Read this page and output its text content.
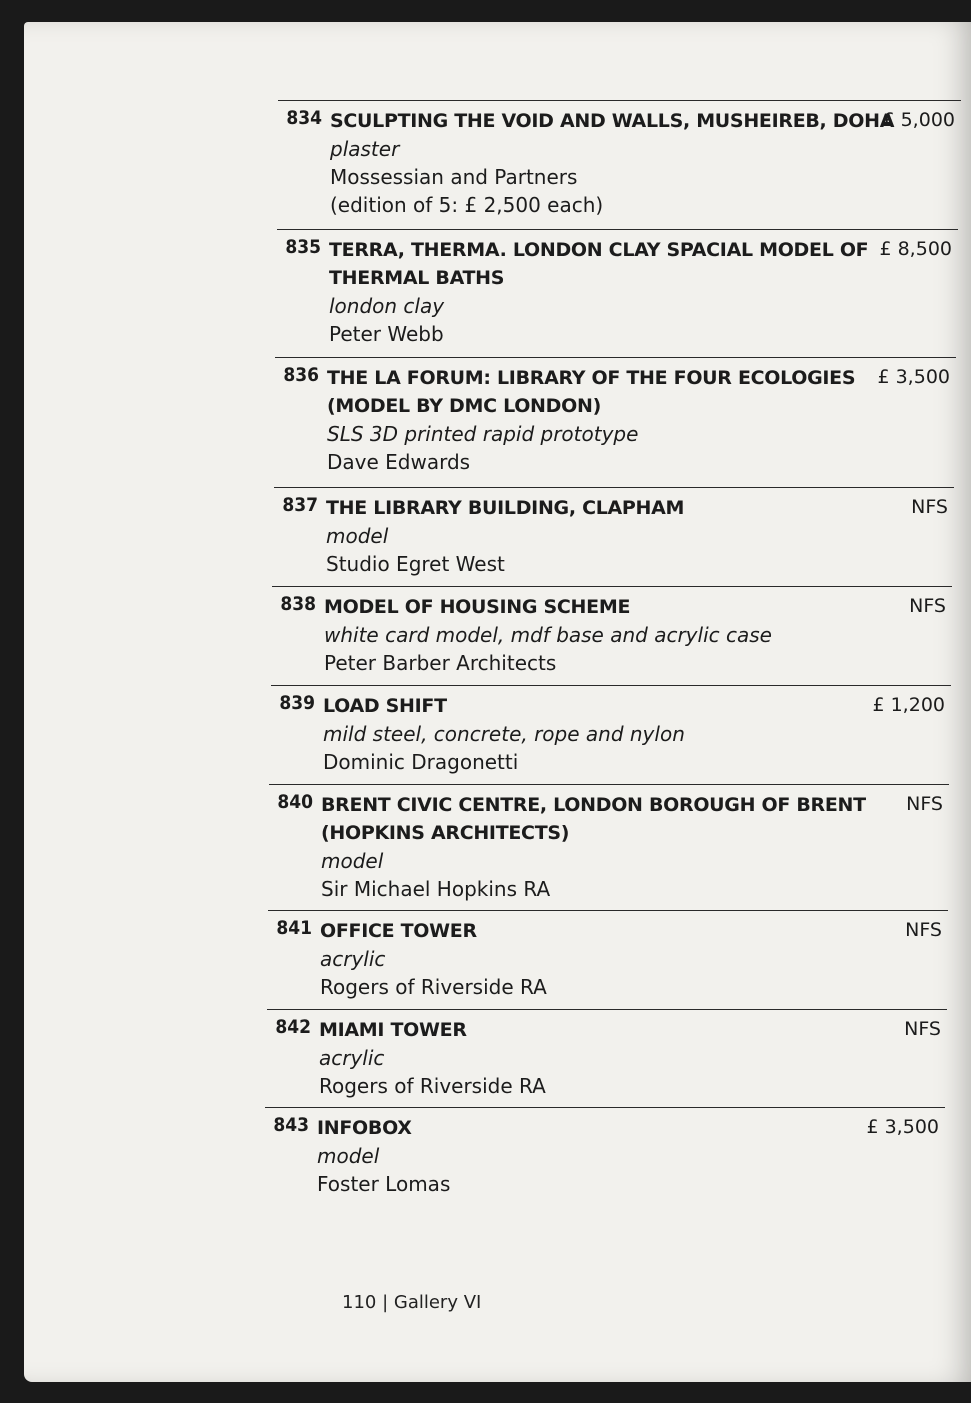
834 SCULPTING THE VOID AND WALLS, MUSHEIREB, DOHA
plaster
Mossessian and Partners
(edition of 5: £ 2,500 each)
£ 5,000
835 TERRA, THERMA. LONDON CLAY SPACIAL MODEL OF
THERMAL BATHS
london clay
Peter Webb
£ 8,500
836 THE LA FORUM: LIBRARY OF THE FOUR ECOLOGIES
(MODEL BY DMC LONDON)
SLS 3D printed rapid prototype
Dave Edwards
£ 3,500
837 THE LIBRARY BUILDING, CLAPHAM
model
Studio Egret West
NFS
838 MODEL OF HOUSING SCHEME
white card model, mdf base and acrylic case
Peter Barber Architects
NFS
839 LOAD SHIFT
mild steel, concrete, rope and nylon
Dominic Dragonetti
£ 1,200
840 BRENT CIVIC CENTRE, LONDON BOROUGH OF BRENT
(HOPKINS ARCHITECTS)
model
Sir Michael Hopkins RA
NFS
841 OFFICE TOWER
acrylic
Rogers of Riverside RA
NFS
842 MIAMI TOWER
acrylic
Rogers of Riverside RA
NFS
843 INFOBOX
model
Foster Lomas
£ 3,500
110 | Gallery VI
